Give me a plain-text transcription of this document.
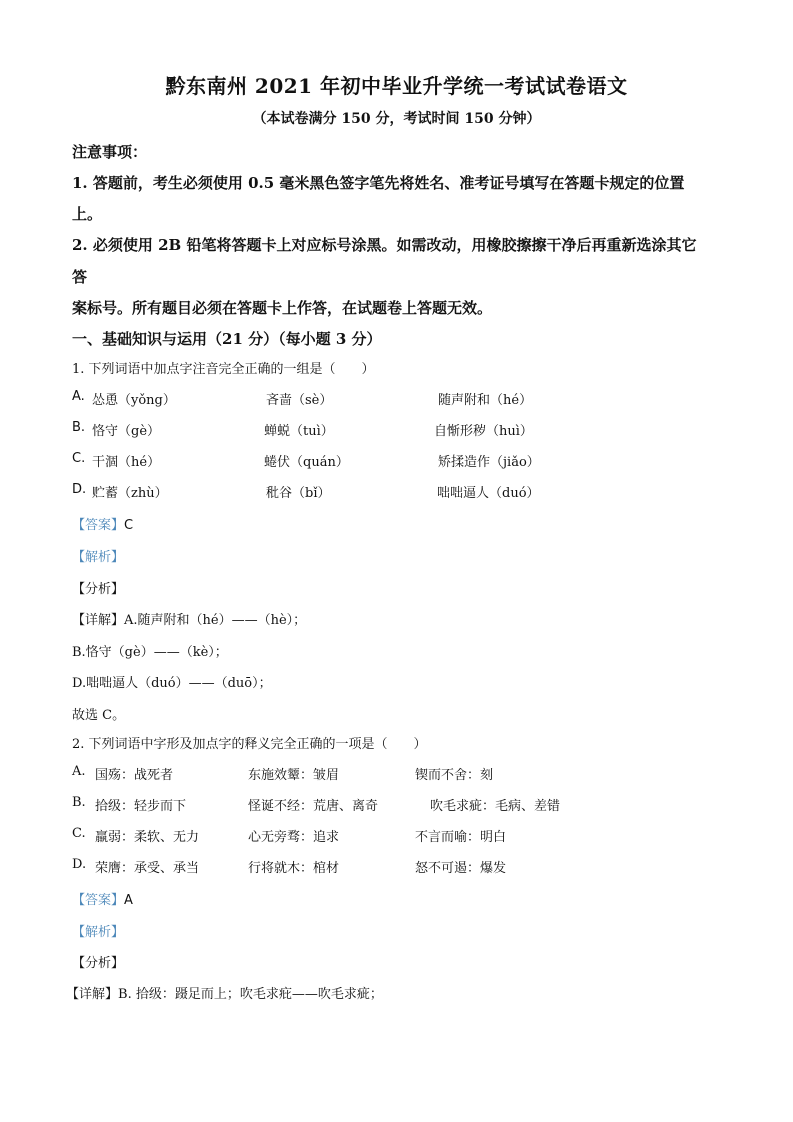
黔东南州 2021 年初中毕业升学统一考试试卷语文
（本试卷满分 150 分，考试时间 150 分钟）
注意事项：
1. 答题前，考生必须使用 0.5 毫米黑色签字笔先将姓名、准考证号填写在答题卡规定的位置
上。
2. 必须使用 2B 铅笔将答题卡上对应标号涂黑。如需改动，用橡胶擦擦干净后再重新选涂其它
答
案标号。所有题目必须在答题卡上作答，在试题卷上答题无效。
一、基础知识与运用（21 分）（每小题 3 分）
1. 下列词语中加点字注音完全正确的一组是（　　）
A. 怂恿（yǒng）	吝啬（sè）	随声附和（hé）
B. 恪守（gè）	蝉蜕（tuì）	自惭形秽（huì）
C. 干涸（hé）	蜷伏（quán）	矫揉造作（jiǎo）
D. 贮蓄（zhù）	秕谷（bǐ）	咄咄逼人（duó）
【答案】C
【解析】
【分析】
【详解】A.随声附和（hé）——（hè）；
B.恪守（gè）——（kè）；
D.咄咄逼人（duó）——（duō）；
故选 C。
2. 下列词语中字形及加点字的释义完全正确的一项是（　　）
A. 国殇：战死者	东施效颦：皱眉	锲而不舍：刻
B. 拾级：轻步而下	怪诞不经：荒唐、离奇	吹毛求疵：毛病、差错
C. 羸弱：柔软、无力	心无旁骛：追求	不言而喻：明白
D. 荣膺：承受、承当	行将就木：棺材	怒不可遏：爆发
【答案】A
【解析】
【分析】
【详解】B. 拾级：蹑足而上；吹毛求疪——吹毛求疵；
